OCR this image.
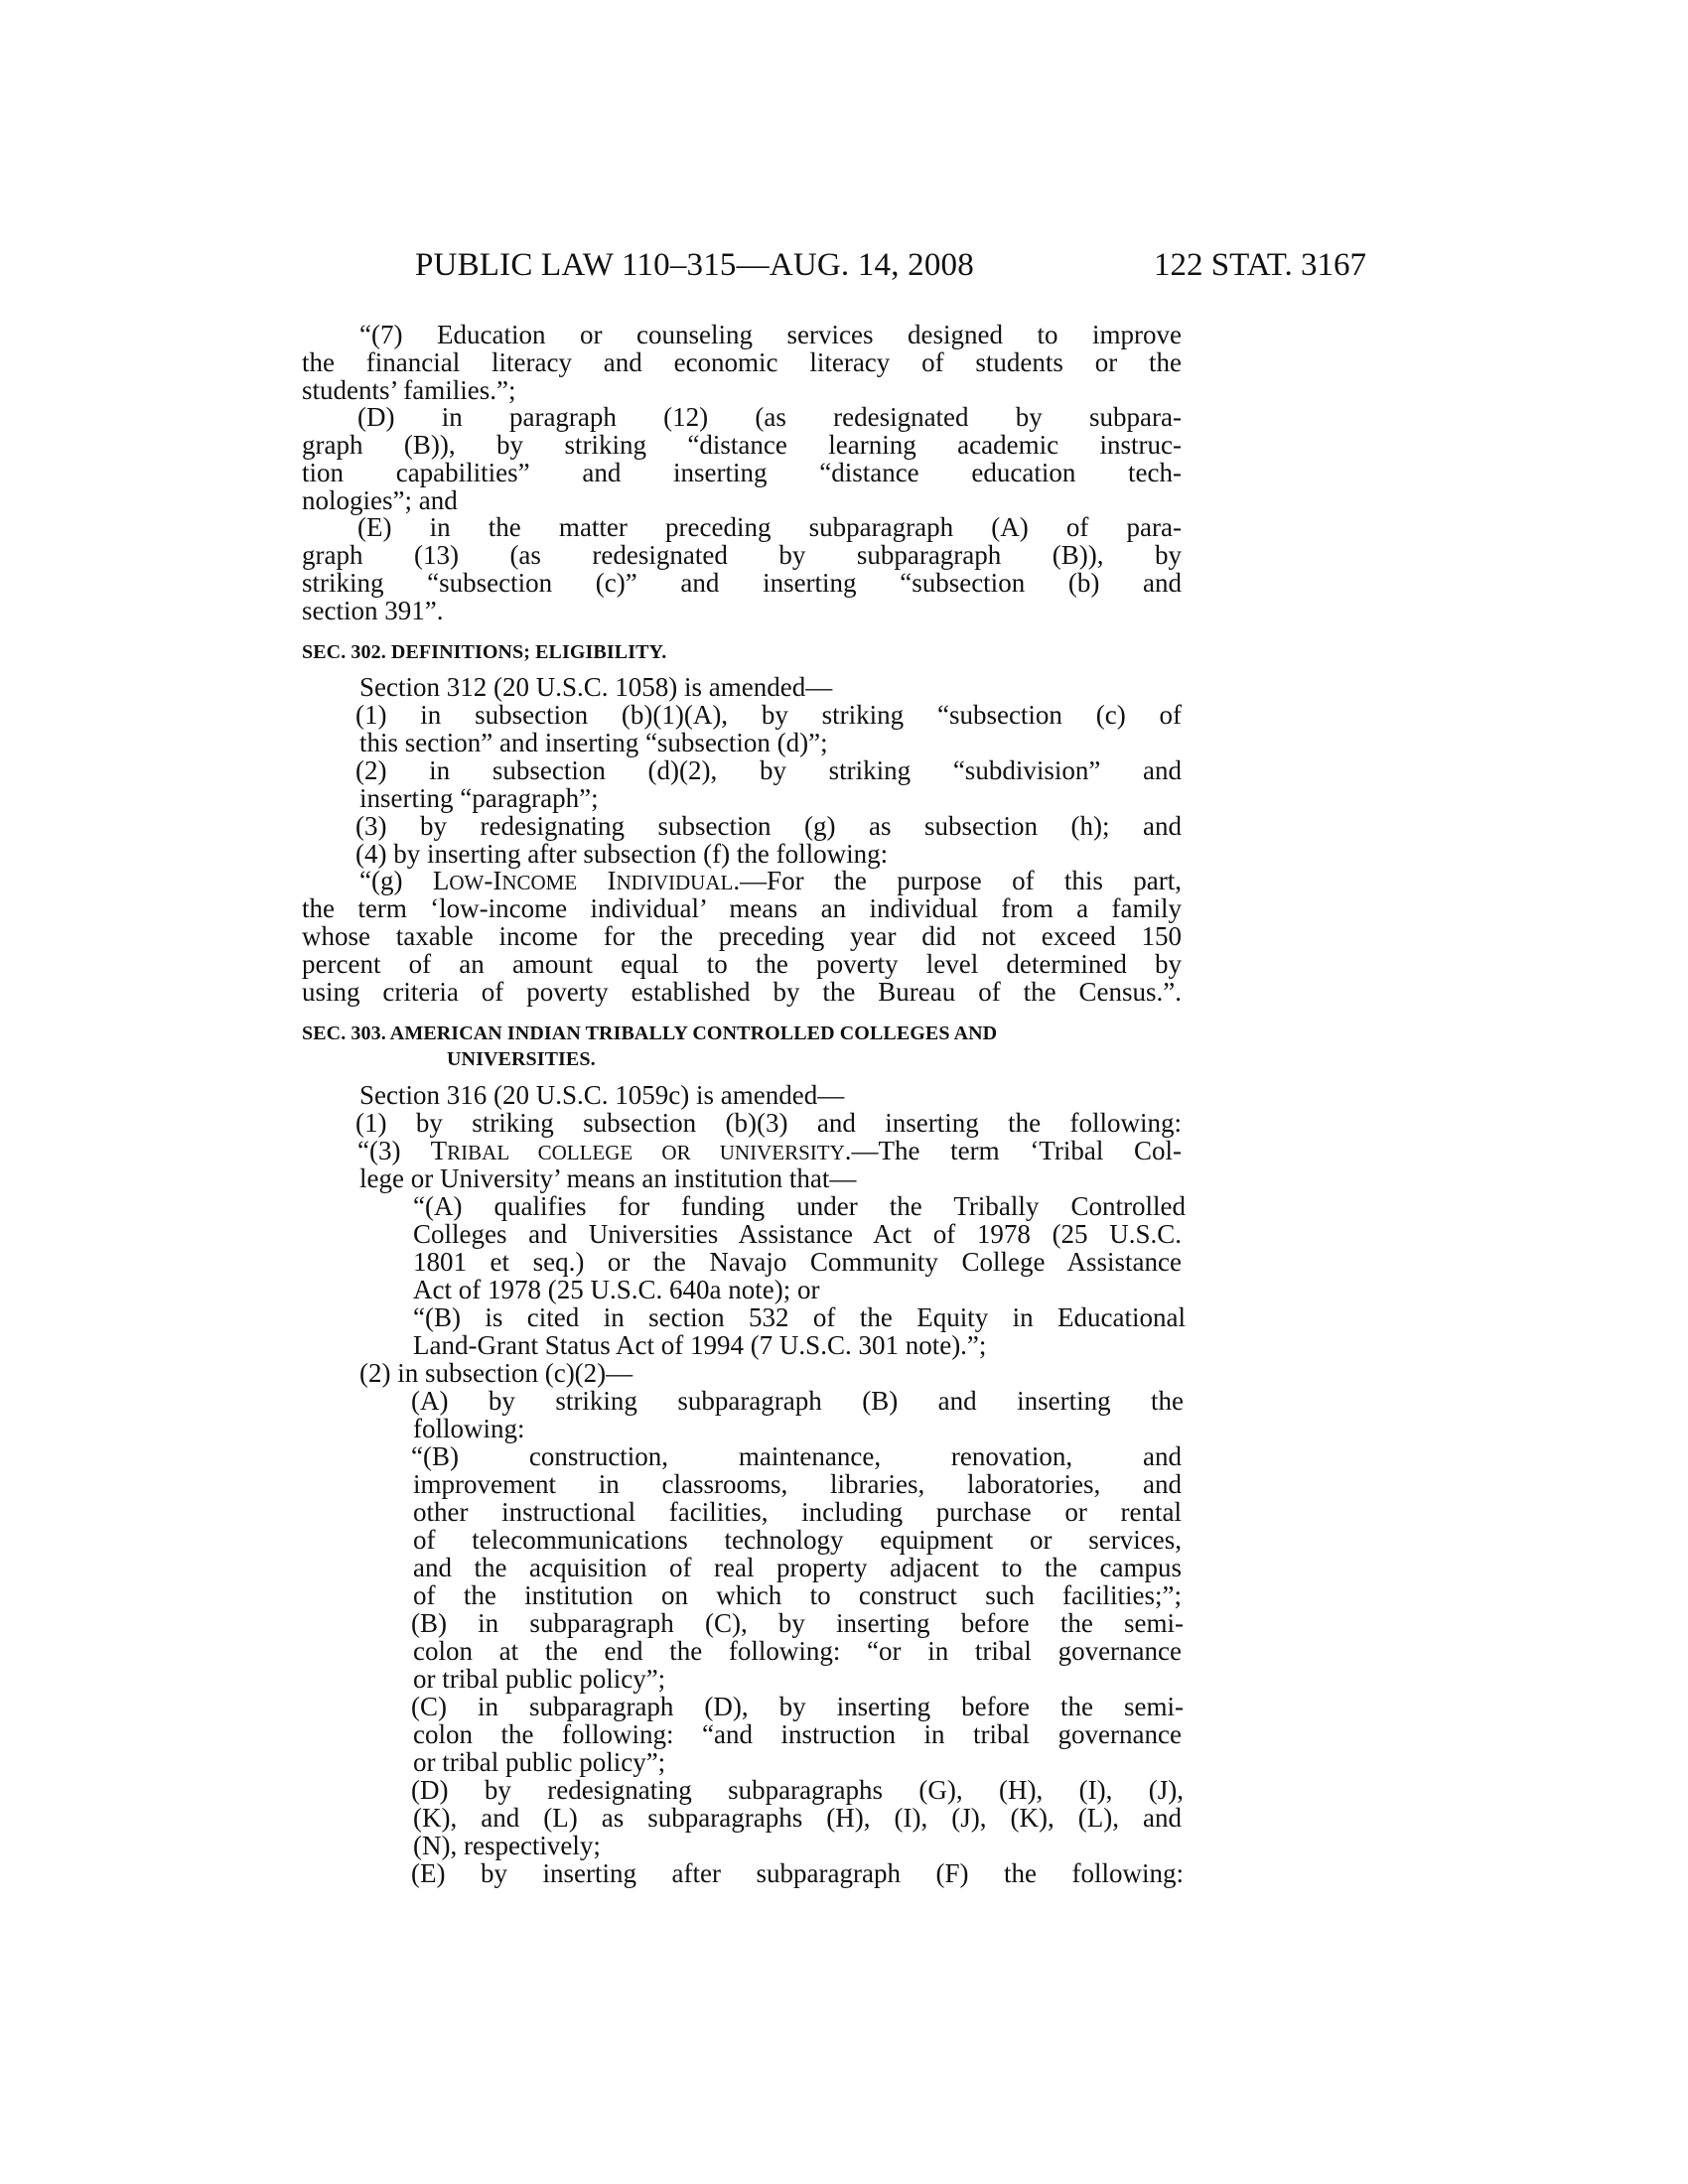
PUBLIC LAW 110–315—AUG. 14, 2008	122 STAT. 3167
“(7) Education or counseling services designed to improve
the financial literacy and economic literacy of students or the
students’ families.”;
(D) in paragraph (12) (as redesignated by subpara-
graph (B)), by striking “distance learning academic instruc-
tion capabilities” and inserting “distance education tech-
nologies”; and
(E) in the matter preceding subparagraph (A) of para-
graph (13) (as redesignated by subparagraph (B)), by
striking “subsection (c)” and inserting “subsection (b) and
section 391”.
SEC. 302. DEFINITIONS; ELIGIBILITY.
Section 312 (20 U.S.C. 1058) is amended—
(1) in subsection (b)(1)(A), by striking “subsection (c) of
this section” and inserting “subsection (d)”;
(2) in subsection (d)(2), by striking “subdivision” and
inserting “paragraph”;
(3) by redesignating subsection (g) as subsection (h); and
(4) by inserting after subsection (f) the following:
“(g) LOW-INCOME INDIVIDUAL.—For the purpose of this part,
the term ‘low-income individual’ means an individual from a family
whose taxable income for the preceding year did not exceed 150
percent of an amount equal to the poverty level determined by
using criteria of poverty established by the Bureau of the Census.”.
SEC. 303. AMERICAN INDIAN TRIBALLY CONTROLLED COLLEGES AND
UNIVERSITIES.
Section 316 (20 U.S.C. 1059c) is amended—
(1) by striking subsection (b)(3) and inserting the following:
“(3) TRIBAL COLLEGE OR UNIVERSITY.—The term ‘Tribal Col-
lege or University’ means an institution that—
“(A) qualifies for funding under the Tribally Controlled
Colleges and Universities Assistance Act of 1978 (25 U.S.C.
1801 et seq.) or the Navajo Community College Assistance
Act of 1978 (25 U.S.C. 640a note); or
“(B) is cited in section 532 of the Equity in Educational
Land-Grant Status Act of 1994 (7 U.S.C. 301 note).”;
(2) in subsection (c)(2)—
(A) by striking subparagraph (B) and inserting the
following:
“(B) construction, maintenance, renovation, and
improvement in classrooms, libraries, laboratories, and
other instructional facilities, including purchase or rental
of telecommunications technology equipment or services,
and the acquisition of real property adjacent to the campus
of the institution on which to construct such facilities;”;
(B) in subparagraph (C), by inserting before the semi-
colon at the end the following: “or in tribal governance
or tribal public policy”;
(C) in subparagraph (D), by inserting before the semi-
colon the following: “and instruction in tribal governance
or tribal public policy”;
(D) by redesignating subparagraphs (G), (H), (I), (J),
(K), and (L) as subparagraphs (H), (I), (J), (K), (L), and
(N), respectively;
(E) by inserting after subparagraph (F) the following:
